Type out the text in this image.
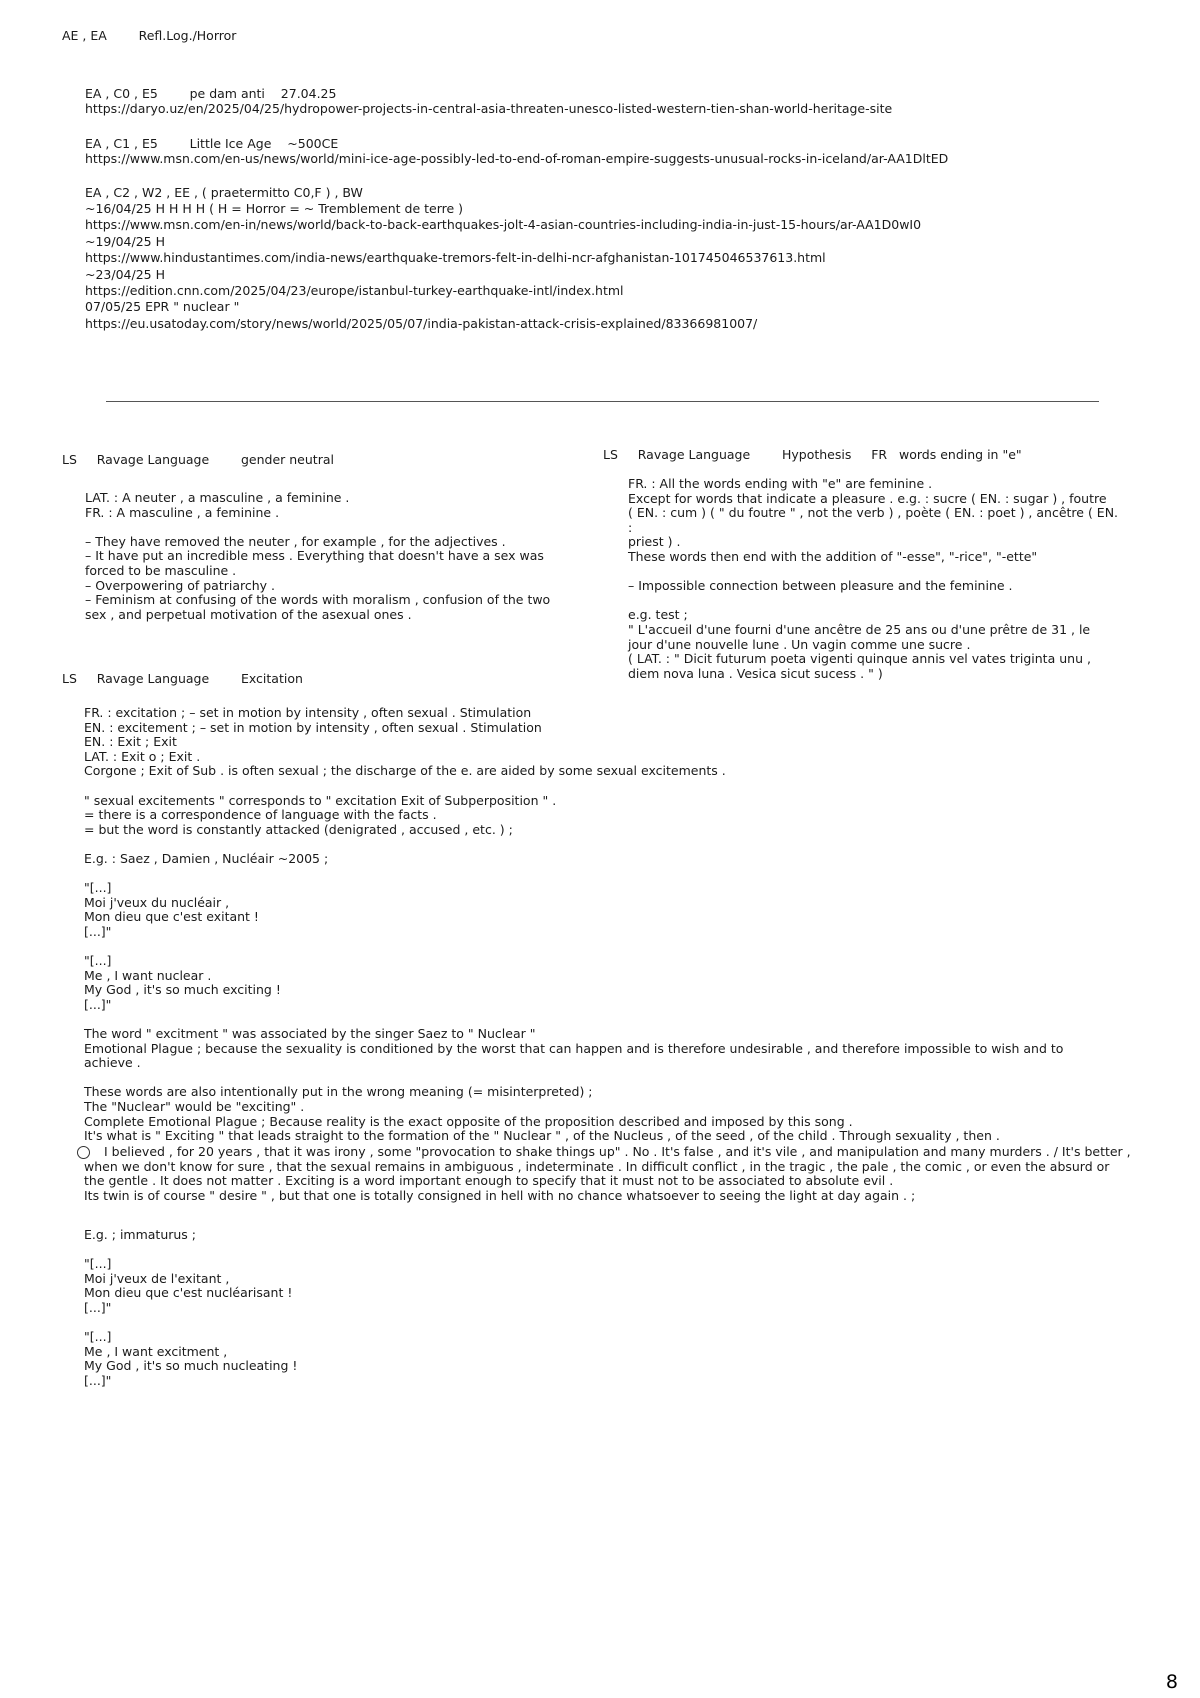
AE , EA        Refl.Log./Horror
EA , C0 , E5        pe dam anti    27.04.25
https://daryo.uz/en/2025/04/25/hydropower-projects-in-central-asia-threaten-unesco-listed-western-tien-shan-world-heritage-site
EA , C1 , E5        Little Ice Age    ~500CE
https://www.msn.com/en-us/news/world/mini-ice-age-possibly-led-to-end-of-roman-empire-suggests-unusual-rocks-in-iceland/ar-AA1DltED
EA , C2 , W2 , EE , ( praetermitto C0,F ) , BW
~16/04/25 H H H H ( H = Horror = ~ Tremblement de terre )
https://www.msn.com/en-in/news/world/back-to-back-earthquakes-jolt-4-asian-countries-including-india-in-just-15-hours/ar-AA1D0wI0
~19/04/25 H
https://www.hindustantimes.com/india-news/earthquake-tremors-felt-in-delhi-ncr-afghanistan-101745046537613.html
~23/04/25 H
https://edition.cnn.com/2025/04/23/europe/istanbul-turkey-earthquake-intl/index.html
07/05/25 EPR " nuclear "
https://eu.usatoday.com/story/news/world/2025/05/07/india-pakistan-attack-crisis-explained/83366981007/
LS     Ravage Language        gender neutral
LAT. : A neuter , a masculine , a feminine .
FR. : A masculine , a feminine .

– They have removed the neuter , for example , for the adjectives .
– It have put an incredible mess . Everything that doesn't have a sex was
forced to be masculine .
– Overpowering of patriarchy .
– Feminism at confusing of the words with moralism , confusion of the two
sex , and perpetual motivation of the asexual ones .
LS     Ravage Language        Hypothesis     FR   words ending in "e"
FR. : All the words ending with "e" are feminine .
Except for words that indicate a pleasure . e.g. : sucre ( EN. : sugar ) , foutre
( EN. : cum ) ( " du foutre " , not the verb ) , poète ( EN. : poet ) , ancêtre ( EN. :
priest ) .
These words then end with the addition of "-esse", "-rice", "-ette"

– Impossible connection between pleasure and the feminine .

e.g. test ;
" L'accueil d'une fourni d'une ancêtre de 25 ans ou d'une prêtre de 31 , le
jour d'une nouvelle lune . Un vagin comme une sucre .
( LAT. : " Dicit futurum poeta vigenti quinque annis vel vates triginta unu ,
diem nova luna . Vesica sicut sucess . " )
LS     Ravage Language        Excitation
FR. : excitation ; – set in motion by intensity , often sexual . Stimulation
EN. : excitement ; – set in motion by intensity , often sexual . Stimulation
EN. : Exit ; Exit
LAT. : Exit o ; Exit .
Corgone ; Exit of Sub . is often sexual ; the discharge of the e. are aided by some sexual excitements .

" sexual excitements " corresponds to " excitation Exit of Subperposition " .
= there is a correspondence of language with the facts .
= but the word is constantly attacked (denigrated , accused , etc. ) ;

E.g. : Saez , Damien , Nucléair ~2005 ;

"[...]
Moi j'veux du nucléair ,
Mon dieu que c'est exitant !
[...]"

"[...]
Me , I want nuclear .
My God , it's so much exciting !
[...]"

The word " excitment " was associated by the singer Saez to " Nuclear "
Emotional Plague ; because the sexuality is conditioned by the worst that can happen and is therefore undesirable , and therefore impossible to wish and to
achieve .

These words are also intentionally put in the wrong meaning (= misinterpreted) ;
The "Nuclear" would be "exciting" .
Complete Emotional Plague ; Because reality is the exact opposite of the proposition described and imposed by this song .
It's what is " Exciting " that leads straight to the formation of the " Nuclear " , of the Nucleus , of the seed , of the child . Through sexuality , then .
I believed , for 20 years , that it was irony , some "provocation to shake things up" . No . It's false , and it's vile , and manipulation and many murders . / It's better ,
when we don't know for sure , that the sexual remains in ambiguous , indeterminate . In difficult conflict , in the tragic , the pale , the comic , or even the absurd or
the gentle . It does not matter . Exciting is a word important enough to specify that it must not to be associated to absolute evil .
Its twin is of course " desire " , but that one is totally consigned in hell with no chance whatsoever to seeing the light at day again . ;
E.g. ; immaturus ;

"[...]
Moi j'veux de l'exitant ,
Mon dieu que c'est nucléarisant !
[...]"

"[...]
Me , I want excitment ,
My God , it's so much nucleating !
[...]"
8
